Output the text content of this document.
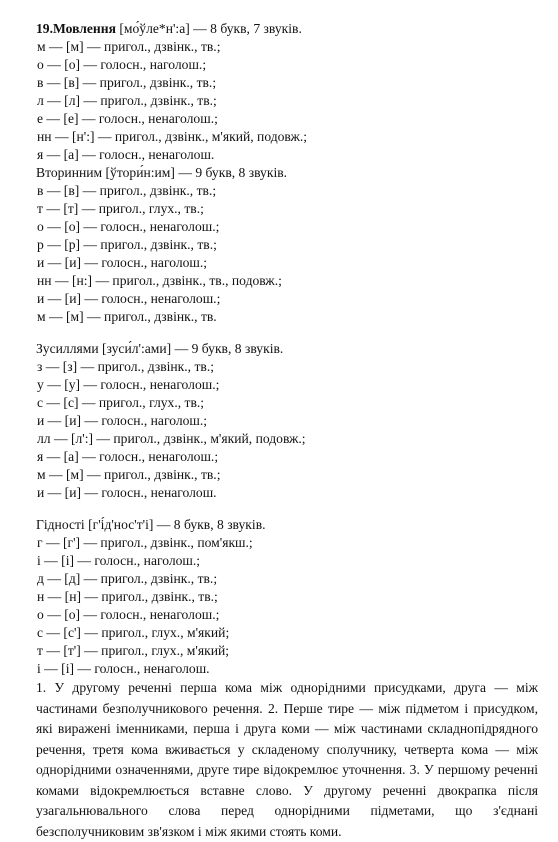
19.Мовлення [мо́ўле*н':а] — 8 букв, 7 звуків.
м — [м] — пригол., дзвінк., тв.;
о — [о] — голосн., наголош.;
в — [в] — пригол., дзвінк., тв.;
л — [л] — пригол., дзвінк., тв.;
е — [е] — голосн., ненаголош.;
нн — [н':] — пригол., дзвінк., м'який, подовж.;
я — [а] — голосн., ненаголош.
Вторинним [ўтори́н:им] — 9 букв, 8 звуків.
в — [в] — пригол., дзвінк., тв.;
т — [т] — пригол., глух., тв.;
о — [о] — голосн., ненаголош.;
р — [р] — пригол., дзвінк., тв.;
и — [и] — голосн., наголош.;
нн — [н:] — пригол., дзвінк., тв., подовж.;
и — [и] — голосн., ненаголош.;
м — [м] — пригол., дзвінк., тв.
Зусиллями [зуси́л':ами] — 9 букв, 8 звуків.
з — [з] — пригол., дзвінк., тв.;
у — [у] — голосн., ненаголош.;
с — [с] — пригол., глух., тв.;
и — [и] — голосн., наголош.;
лл — [л':] — пригол., дзвінк., м'який, подовж.;
я — [а] — голосн., ненаголош.;
м — [м] — пригол., дзвінк., тв.;
и — [и] — голосн., ненаголош.
Гідності [г'і́д'нос'т'і] — 8 букв, 8 звуків.
г — [г'] — пригол., дзвінк., пом'якш.;
і — [і] — голосн., наголош.;
д — [д] — пригол., дзвінк., тв.;
н — [н] — пригол., дзвінк., тв.;
о — [о] — голосн., ненаголош.;
с — [с'] — пригол., глух., м'який;
т — [т'] — пригол., глух., м'який;
і — [і] — голосн., ненаголош.
1. У другому реченні перша кома між однорідними присудками, друга — між частинами безполучникового речення. 2. Перше тире — між підметом і присудком, які виражені іменниками, перша і друга коми — між частинами складнопідрядного речення, третя кома вживається у складеному сполучнику, четверта кома — між однорідними означеннями, друге тире відокремлює уточнення. 3. У першому реченні комами відокремлюється вставне слово. У другому реченні двокрапка після узагальнювального слова перед однорідними підметами, що з'єднані безсполучниковим зв'язком і між якими стоять коми.
